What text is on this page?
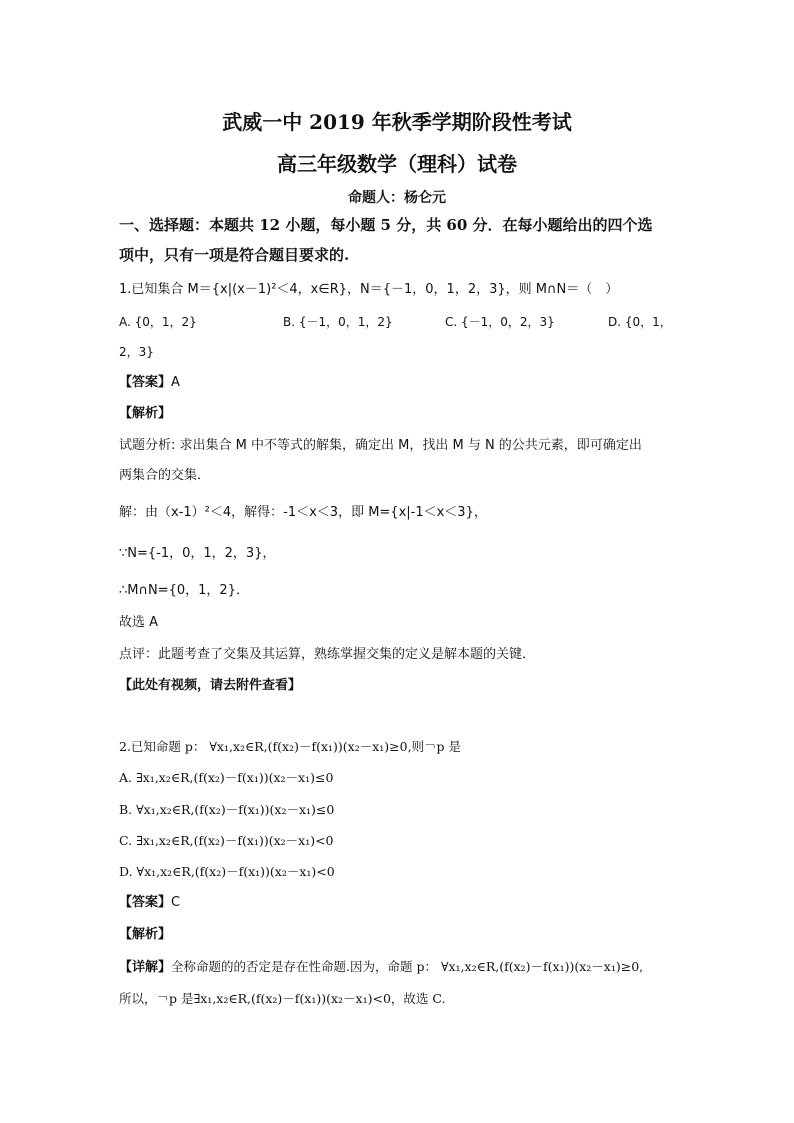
武威一中 2019 年秋季学期阶段性考试
高三年级数学（理科）试卷
命题人：杨仑元
一、选择题：本题共 12 小题，每小题 5 分，共 60 分．在每小题给出的四个选
项中，只有一项是符合题目要求的.
1.已知集合 M＝{x|(x－1)²＜4，x∈R}，N＝{－1，0，1，2，3}，则 M∩N＝（　）
A. {0，1，2}	B. {－1，0，1，2}	C. {－1，0，2，3}	D. {0，1，
2，3}
【答案】A
【解析】
试题分析: 求出集合 M 中不等式的解集，确定出 M，找出 M 与 N 的公共元素，即可确定出
两集合的交集．
解：由（x-1）²＜4，解得：-1＜x＜3，即 M={x|-1＜x＜3}，
∵N={-1，0，1，2，3}，
∴M∩N={0，1，2}．
故选 A
点评：此题考查了交集及其运算，熟练掌握交集的定义是解本题的关键．
【此处有视频，请去附件查看】
2.已知命题 p： ∀x₁,x₂∈R,(f(x₂)－f(x₁))(x₂－x₁)≥0,则￢p 是
A. ∃x₁,x₂∈R,(f(x₂)－f(x₁))(x₂－x₁)≤0
B. ∀x₁,x₂∈R,(f(x₂)－f(x₁))(x₂－x₁)≤0
C. ∃x₁,x₂∈R,(f(x₂)－f(x₁))(x₂－x₁)<0
D. ∀x₁,x₂∈R,(f(x₂)－f(x₁))(x₂－x₁)<0
【答案】C
【解析】
【详解】全称命题的的否定是存在性命题.因为，命题 p： ∀x₁,x₂∈R,(f(x₂)－f(x₁))(x₂－x₁)≥0,
所以，￢p 是∃x₁,x₂∈R,(f(x₂)－f(x₁))(x₂－x₁)<0，故选 C.
